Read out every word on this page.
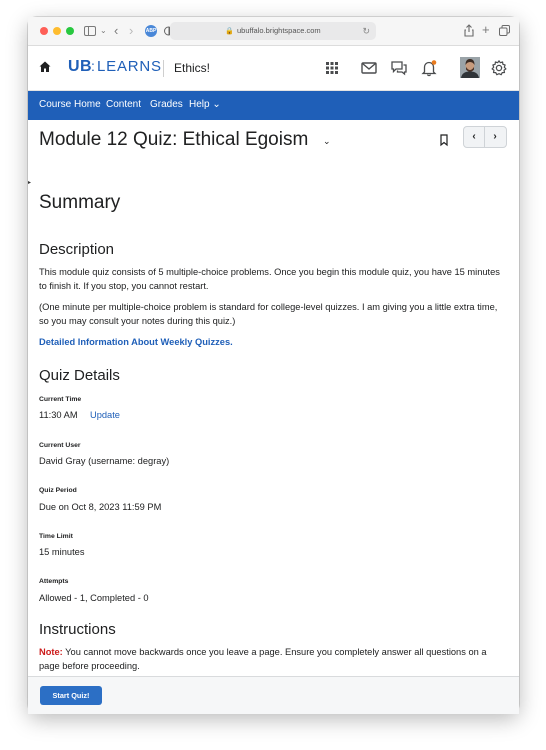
⌄ ‹ › ABP	🔒 ubuffalo.brightspace.com	↻	+
UB
: LEARNS Ethics!
Course Home Content Grades Help ⌄
▸
Module 12 Quiz: Ethical Egoism ⌄	‹	›
Summary
Description
This module quiz consists of 5 multiple-choice problems. Once you begin this module quiz, you have 15 minutes to finish it. If you stop, you cannot restart.
(One minute per multiple-choice problem is standard for college-level quizzes. I am giving you a little extra time, so you may consult your notes during this quiz.)
Detailed Information About Weekly Quizzes.
Quiz Details
Current Time
11:30 AM Update
Current User
David Gray (username: degray)
Quiz Period
Due on Oct 8, 2023 11:59 PM
Time Limit
15 minutes
Attempts
Allowed - 1, Completed - 0
Instructions
Note: You cannot move backwards once you leave a page. Ensure you completely answer all questions on a page before proceeding.
Start Quiz!
